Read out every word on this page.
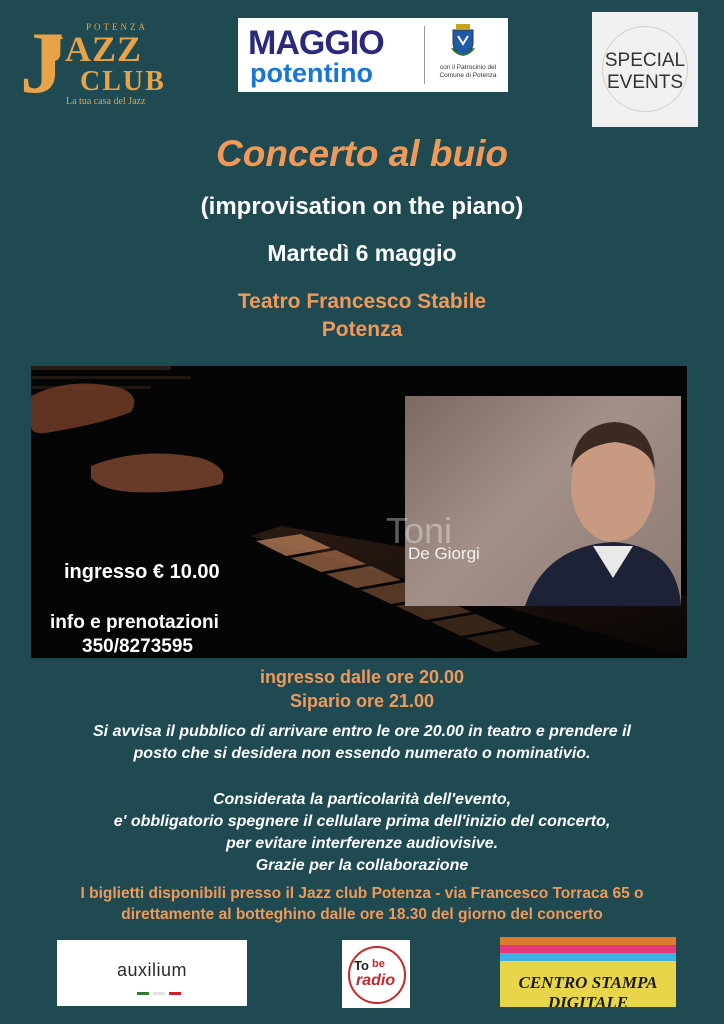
J POTENZA
JAZZ
CLUB
La tua casa del Jazz
MAGGIO
potentino	con il Patrocinio del Comune di Potenza
SPECIAL
EVENTS
Concerto al buio
(improvisation on the piano)
Martedì 6 maggio
Teatro Francesco Stabile
Potenza
Toni
De Giorgi
ingresso € 10.00
info e prenotazioni
350/8273595
ingresso dalle ore 20.00
Sipario ore 21.00
Si avvisa il pubblico di arrivare entro le ore 20.00 in teatro e prendere il
posto che si desidera non essendo numerato o nominativio.
Considerata la particolarità dell'evento,
e' obbligatorio spegnere il cellulare prima dell'inizio del concerto,
per evitare interferenze audiovisive.
Grazie per la collaborazione
I biglietti disponibili presso il Jazz club Potenza - via Francesco Torraca 65 o
direttamente al botteghino dalle ore 18.30 del giorno del concerto
auxilium	To be
radio	CENTRO STAMPA DIGITALE
